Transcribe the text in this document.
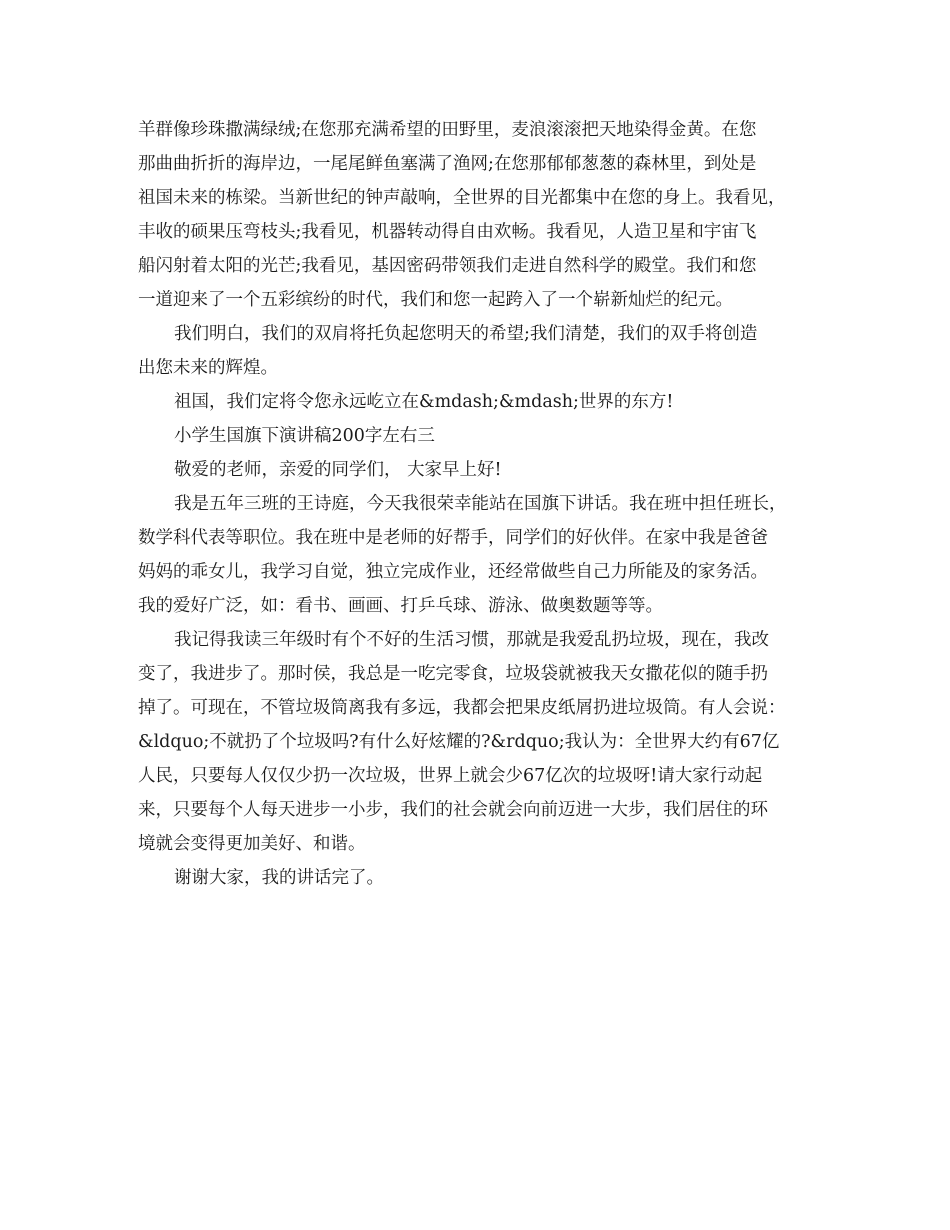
羊群像珍珠撒满绿绒;在您那充满希望的田野里，麦浪滚滚把天地染得金黄。在您
那曲曲折折的海岸边，一尾尾鲜鱼塞满了渔网;在您那郁郁葱葱的森林里，到处是
祖国未来的栋梁。当新世纪的钟声敲响，全世界的目光都集中在您的身上。我看见，
丰收的硕果压弯枝头;我看见，机器转动得自由欢畅。我看见，人造卫星和宇宙飞
船闪射着太阳的光芒;我看见，基因密码带领我们走进自然科学的殿堂。我们和您
一道迎来了一个五彩缤纷的时代，我们和您一起跨入了一个崭新灿烂的纪元。
我们明白，我们的双肩将托负起您明天的希望;我们清楚，我们的双手将创造
出您未来的辉煌。
祖国，我们定将令您永远屹立在&mdash;&mdash;世界的东方!
小学生国旗下演讲稿200字左右三
敬爱的老师，亲爱的同学们， 大家早上好!
我是五年三班的王诗庭，今天我很荣幸能站在国旗下讲话。我在班中担任班长，
数学科代表等职位。我在班中是老师的好帮手，同学们的好伙伴。在家中我是爸爸
妈妈的乖女儿，我学习自觉，独立完成作业，还经常做些自己力所能及的家务活。
我的爱好广泛，如：看书、画画、打乒乓球、游泳、做奥数题等等。
我记得我读三年级时有个不好的生活习惯，那就是我爱乱扔垃圾，现在，我改
变了，我进步了。那时侯，我总是一吃完零食，垃圾袋就被我天女撒花似的随手扔
掉了。可现在，不管垃圾筒离我有多远，我都会把果皮纸屑扔进垃圾筒。有人会说：
&ldquo;不就扔了个垃圾吗?有什么好炫耀的?&rdquo;我认为：全世界大约有67亿
人民，只要每人仅仅少扔一次垃圾，世界上就会少67亿次的垃圾呀!请大家行动起
来，只要每个人每天进步一小步，我们的社会就会向前迈进一大步，我们居住的环
境就会变得更加美好、和谐。
谢谢大家，我的讲话完了。
